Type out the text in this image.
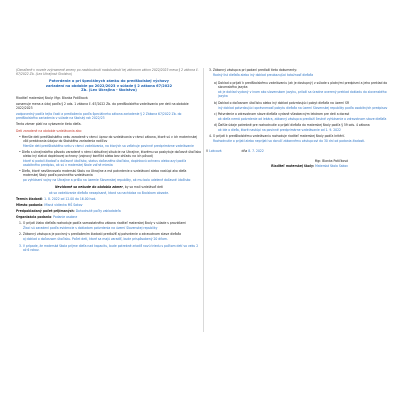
(Označené v novele zvýraznené zmeny po nadobudnutí nadobudnutí tej zákonom zákon 2022/2023 mesa § 2 zákona č. 67/2022 Zb. (Lex Ukrajinsk Skolstvo)

Potvrdenie o pri špeciálnych zámku do predškolskej výchovy
zariadení na obdobie po 2022/2023 v súlade § 2 zákona 67/2022
Zb. (Lex Ukrajina - školstvo)

Riaditeľ materskej školy: Mgr. Blanka Potičková

oznamuje mena a údaj podľa § 2 ods. 1 zákona č. 67/2022 Zb. do predškolského vzdelávania pre deti na obdobie 2022/2023

zodpovedný podľa tejto časti a predloženia podľa špeciálneho zákona zariadenie § 2 Zákona 67/2022 Zb. do predškolského zariadenia v súlade na školský rok 2022/23

Tento zámer platí na vybavenie tieto dieťa.

Deti zaradené na obdobie vzdelávania ako:

• Menšie deti predškolského veku zaradené v rámci úprav do vzdelávania v rámci zákona, ktoré sú v ich materinskej vôli predávania údajov do školského zariadenia rodičov

Menšie deti predškolského veku v rámci vzdelávania, na ktorých sa vzťahuje povinné predprimárne vzdelávanie

• Dieťa s ukrajinského pôvodu zaradené v rámci aktuálnej situácie na Ukrajine, ktorému sa poskytuje dočasné útočisko alebo iný statut doplnkovej ochrany (vojnový konflikt alebo bez ohľadu na ich pôvod)

ktoré si podali žiadosť o dočasné útočisko, status dočasného útočiska, doplnkovú ochranu alebo azyl podľa osobitného predpisu, ak sú v materskej škole voľné miesta

• Dieťa, ktoré navštevovalo materskú školu na Ukrajine a má potvrdenie o vzdelávaní alebo nastúpi ako dieťa materskej školy podľa povinného vzdelávania

po vyhlásení vojny na Ukrajine a prišlo na územie Slovenskej republiky, ak mu bolo udelené dočasné útočisko

Nevidomé sa nebude do obdobia zámer, by sa mali vzdelávať deti

ak sa vzdelávanie dieťaťa nezapísané, ktorá sa nachádza vo školskom obvode.

Termín žiadosti: 1. 8. 2022 od 12.00 do 16.00 hod.

Miesto podania: Mlsná vidiecka MŠ Sakov

Predpokladaný počet prijímaných: Dohodnuté počty zakladateľa

Organizácia podania: Podanie osobne

1. O prijatí žiaka dieťaťa rozhoduje podľa samostatného zákona riaditeľ materskej školy v súlade s pravidlami

Žiaci sú zaradení podľa evidencie s dokladom potvrdenia na území Slovenskej republiky

2. Zákonný zástupca je povinný s predložením žiadosti predložiť aj potvrdenie o zdravotnom stave dieťaťa

aj doklad o dočasnom útočisku. Počet detí, ktoré sa majú zaradiť, bude prispôsobený 20 dňom.

3. V prípade, že materská škola prijme dieťa nad kapacitu, bude potrebné zriadiť novú triedu s počtom detí vo veku 2 až 6 rokov.

3. Zákonný zástupca pri podaní predloží tieto dokumenty:

Rodný list dieťaťa alebo iný doklad preukazujúci totožnosť dieťaťa

a) Doklad o prijatí k predškolskému vzdelávaniu (ak je dostupný) v súlade s platnými predpismi a jeho preklad do slovenského jazyka

ak je doklad vydaný v inom ako slovenskom jazyku, priloží sa úradne overený preklad dokladu do slovenského jazyka

b) Doklad o dočasnom útočisku alebo iný doklad potvrdzujúci pobyt dieťaťa na území SR

iný doklad potvrdzujúci oprávnenosť pobytu dieťaťa na území Slovenskej republiky podľa osobitných predpisov

c) Potvrdenie o zdravotnom stave dieťaťa vydané všeobecným lekárom pre deti a dorast

ak dieťa nemá potvrdenie od lekára, zákonný zástupca predloží čestné vyhlásenie o zdravotnom stave dieťaťa

d) Ďalšie údaje potrebné pre rozhodnutie o prijatí dieťaťa do materskej školy podľa § 59 ods. 4 zákona

ak ide o dieťa, ktoré nastúpi na povinné predprimárne vzdelávanie od 1. 9. 2022

4. O prijatí k predškolskému vzdelávaniu rozhoduje riaditeľ materskej školy podľa kritérií.

Rozhodnutie o prijatí alebo neprijatí sa doručí zákonnému zástupcovi do 30 dní od podania žiadosti.

V Lokcová	dňa 8. 7. 2022

Mgr. Blanka Potičková

Riaditeľ materskej školy: Materská škola Sakov
